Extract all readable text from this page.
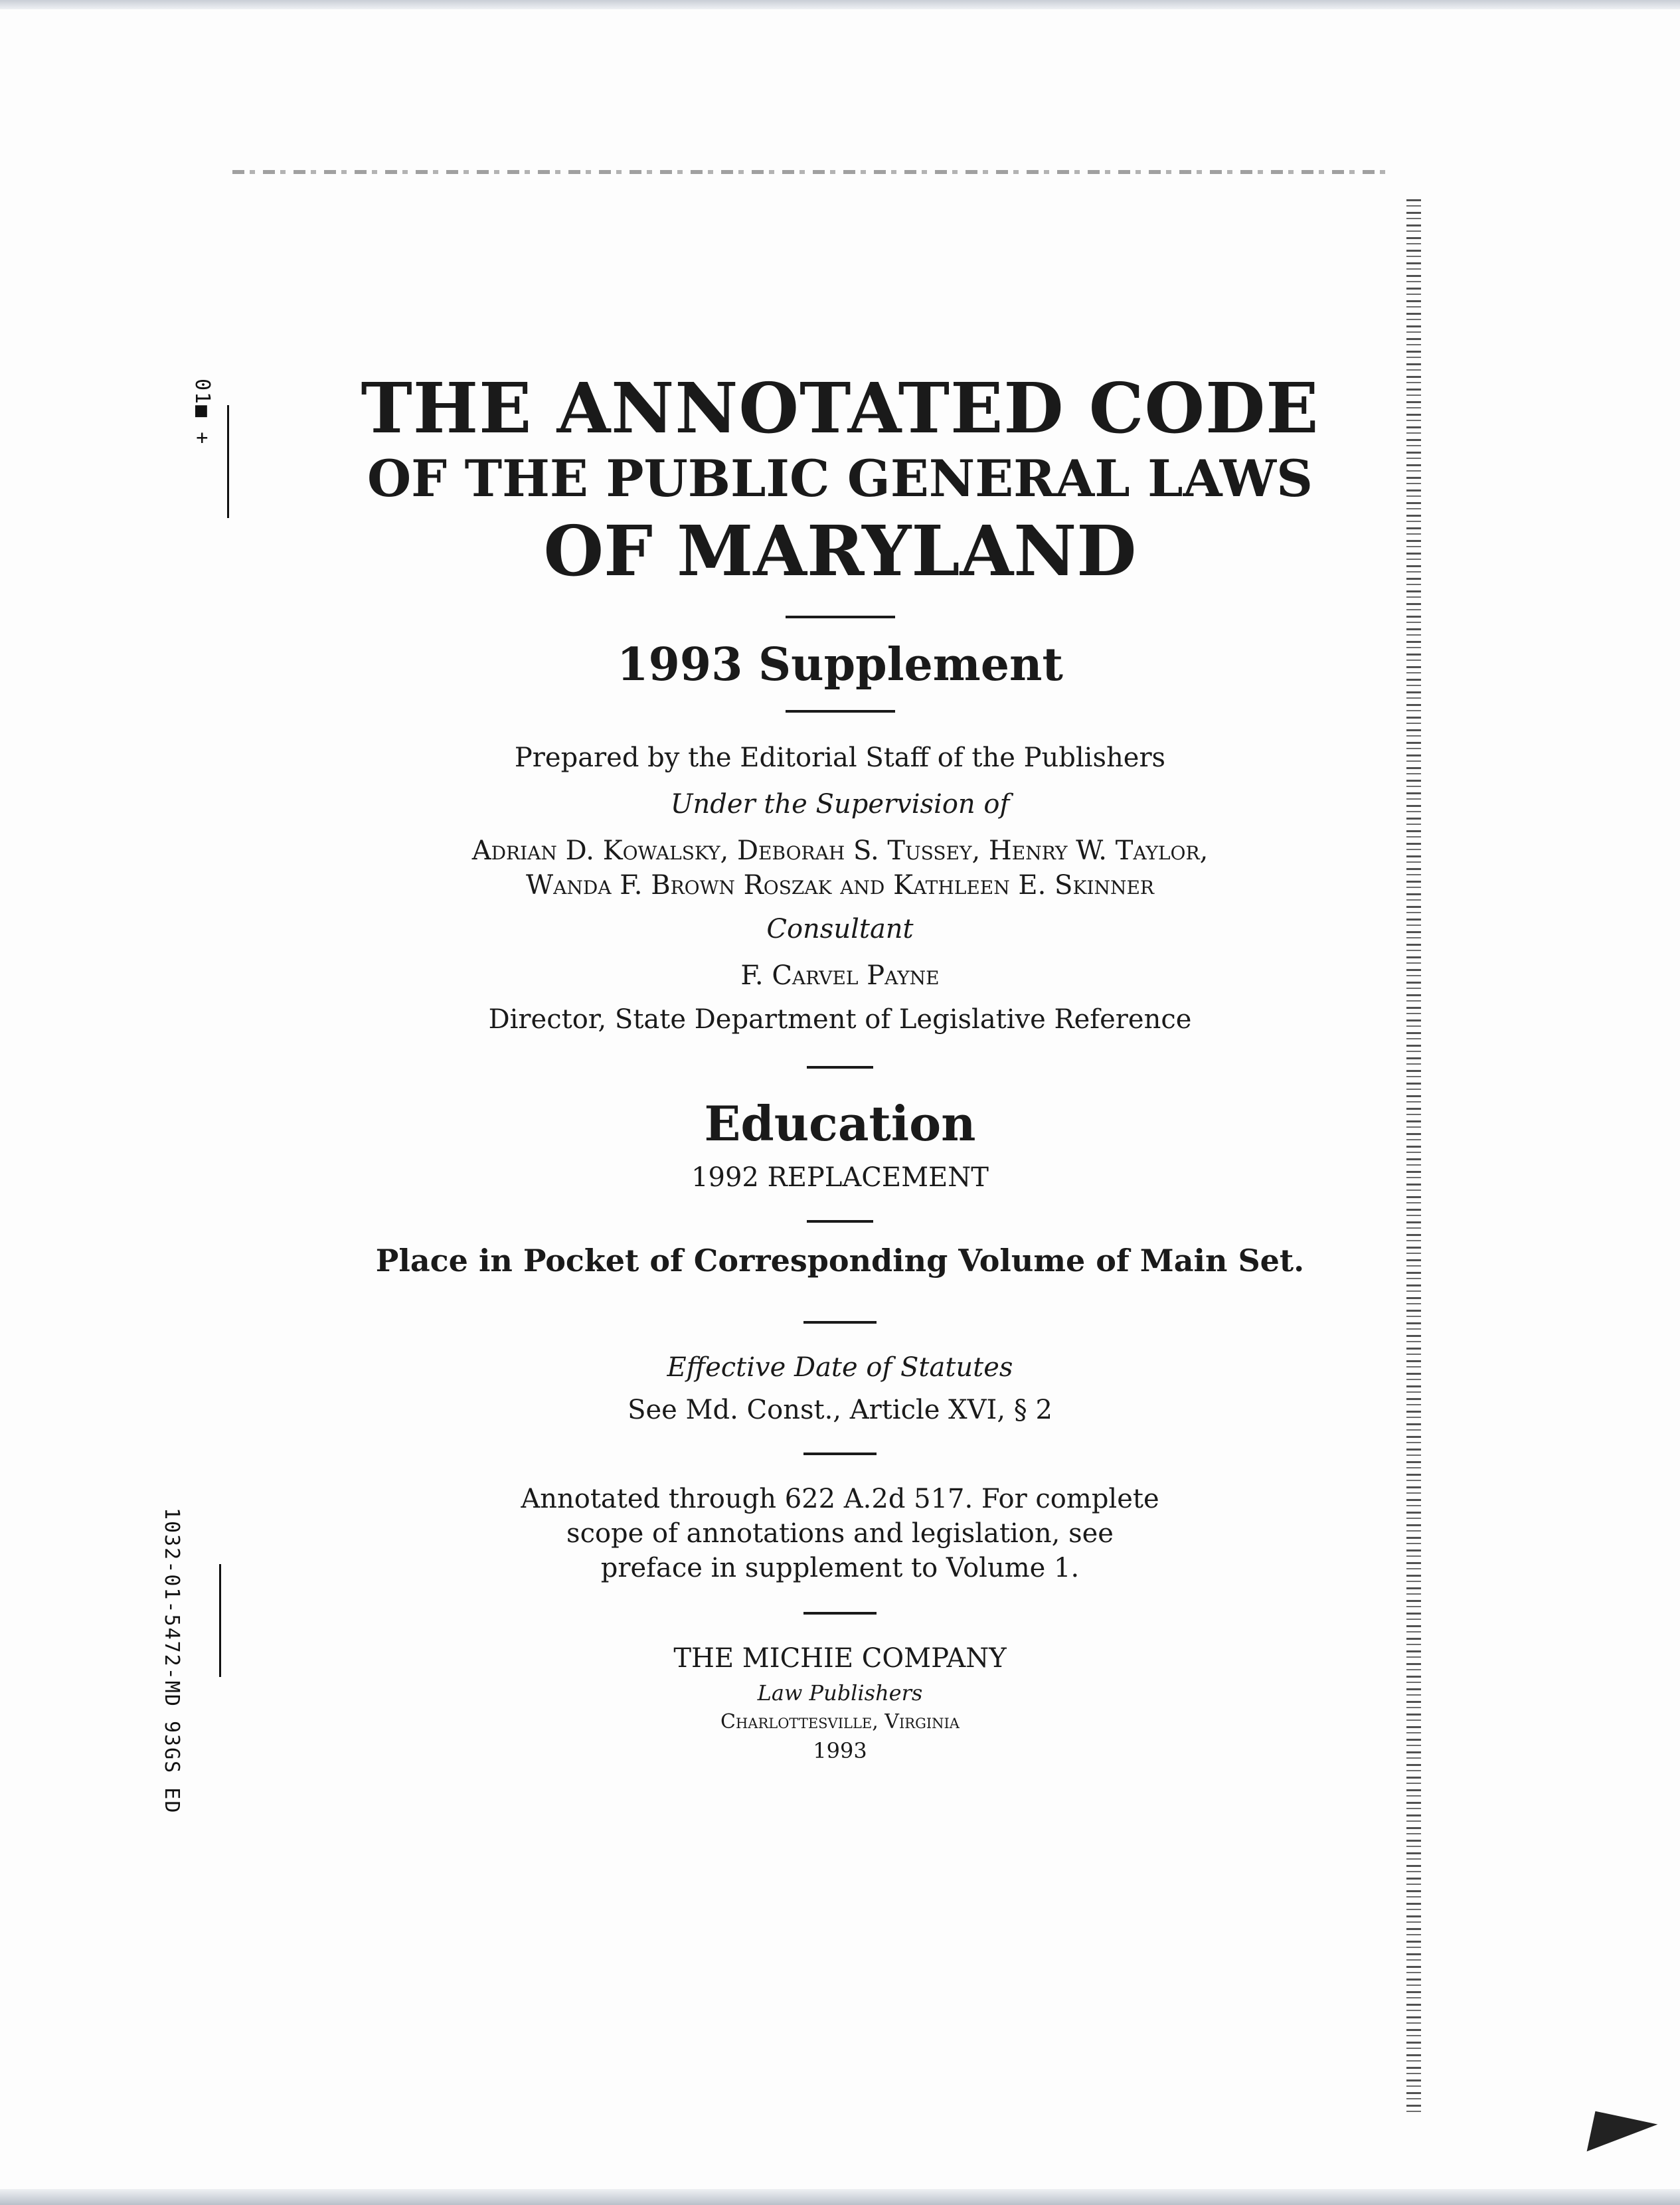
01■ +
1032-01-5472-MD 93GS ED
THE ANNOTATED CODE
OF THE PUBLIC GENERAL LAWS
OF MARYLAND
1993 Supplement
Prepared by the Editorial Staff of the Publishers
Under the Supervision of
Adrian D. Kowalsky, Deborah S. Tussey, Henry W. Taylor,
Wanda F. Brown Roszak and Kathleen E. Skinner
Consultant
F. Carvel Payne
Director, State Department of Legislative Reference
Education
1992 REPLACEMENT
Place in Pocket of Corresponding Volume of Main Set.
Effective Date of Statutes
See Md. Const., Article XVI, § 2
Annotated through 622 A.2d 517. For complete
scope of annotations and legislation, see
preface in supplement to Volume 1.
THE MICHIE COMPANY
Law Publishers
Charlottesville, Virginia
1993
